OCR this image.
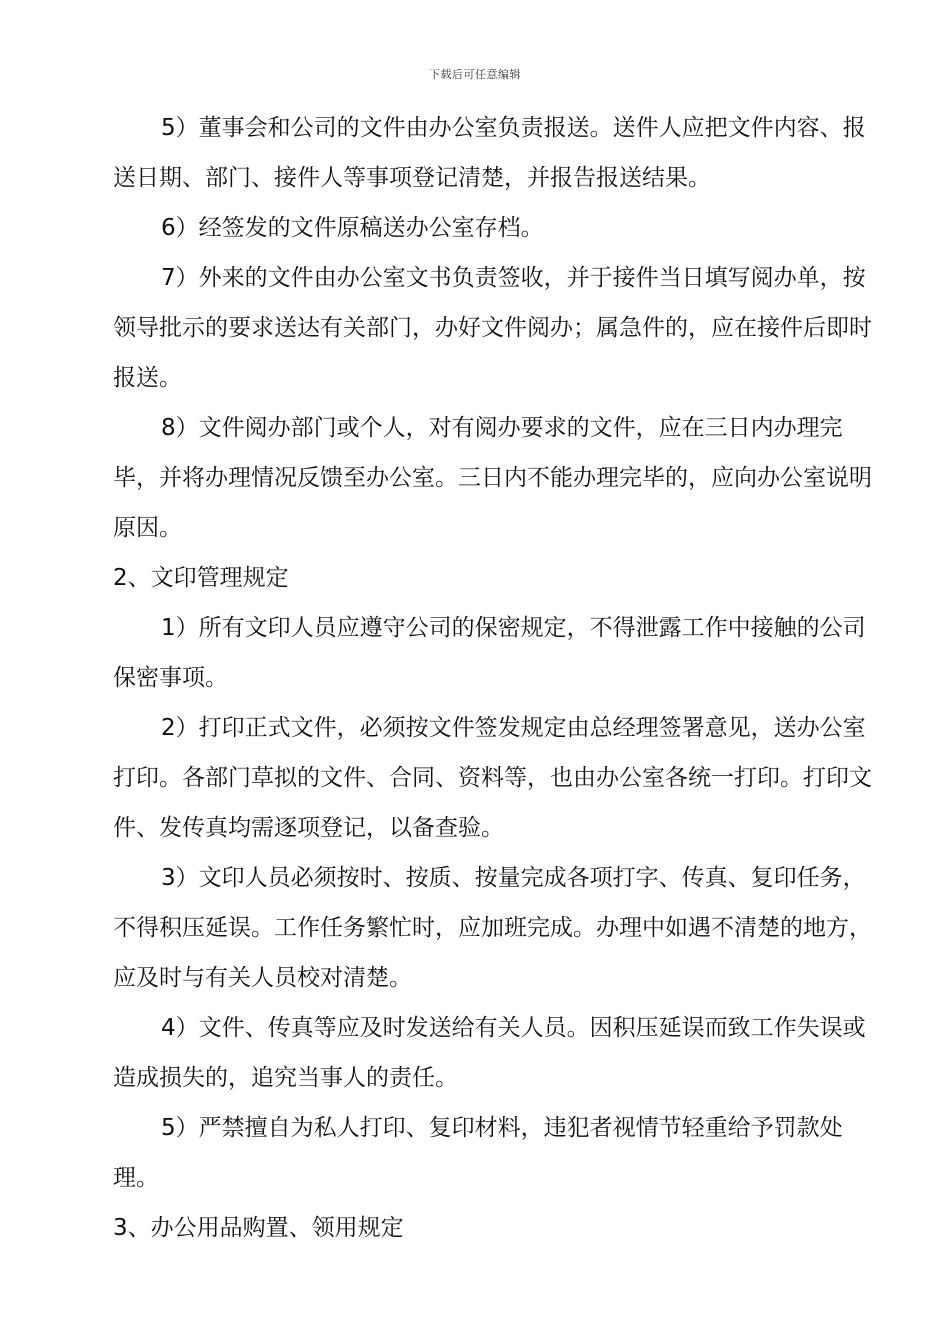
下载后可任意编辑

5）董事会和公司的文件由办公室负责报送。送件人应把文件内容、报送日期、部门、接件人等事项登记清楚，并报告报送结果。

6）经签发的文件原稿送办公室存档。

7）外来的文件由办公室文书负责签收，并于接件当日填写阅办单，按领导批示的要求送达有关部门，办好文件阅办；属急件的，应在接件后即时报送。

8）文件阅办部门或个人，对有阅办要求的文件，应在三日内办理完毕，并将办理情况反馈至办公室。三日内不能办理完毕的，应向办公室说明原因。

2、文印管理规定

1）所有文印人员应遵守公司的保密规定，不得泄露工作中接触的公司保密事项。

2）打印正式文件，必须按文件签发规定由总经理签署意见，送办公室打印。各部门草拟的文件、合同、资料等，也由办公室各统一打印。打印文件、发传真均需逐项登记，以备查验。

3）文印人员必须按时、按质、按量完成各项打字、传真、复印任务，不得积压延误。工作任务繁忙时，应加班完成。办理中如遇不清楚的地方，应及时与有关人员校对清楚。

4）文件、传真等应及时发送给有关人员。因积压延误而致工作失误或造成损失的，追究当事人的责任。

5）严禁擅自为私人打印、复印材料，违犯者视情节轻重给予罚款处理。

3、办公用品购置、领用规定
